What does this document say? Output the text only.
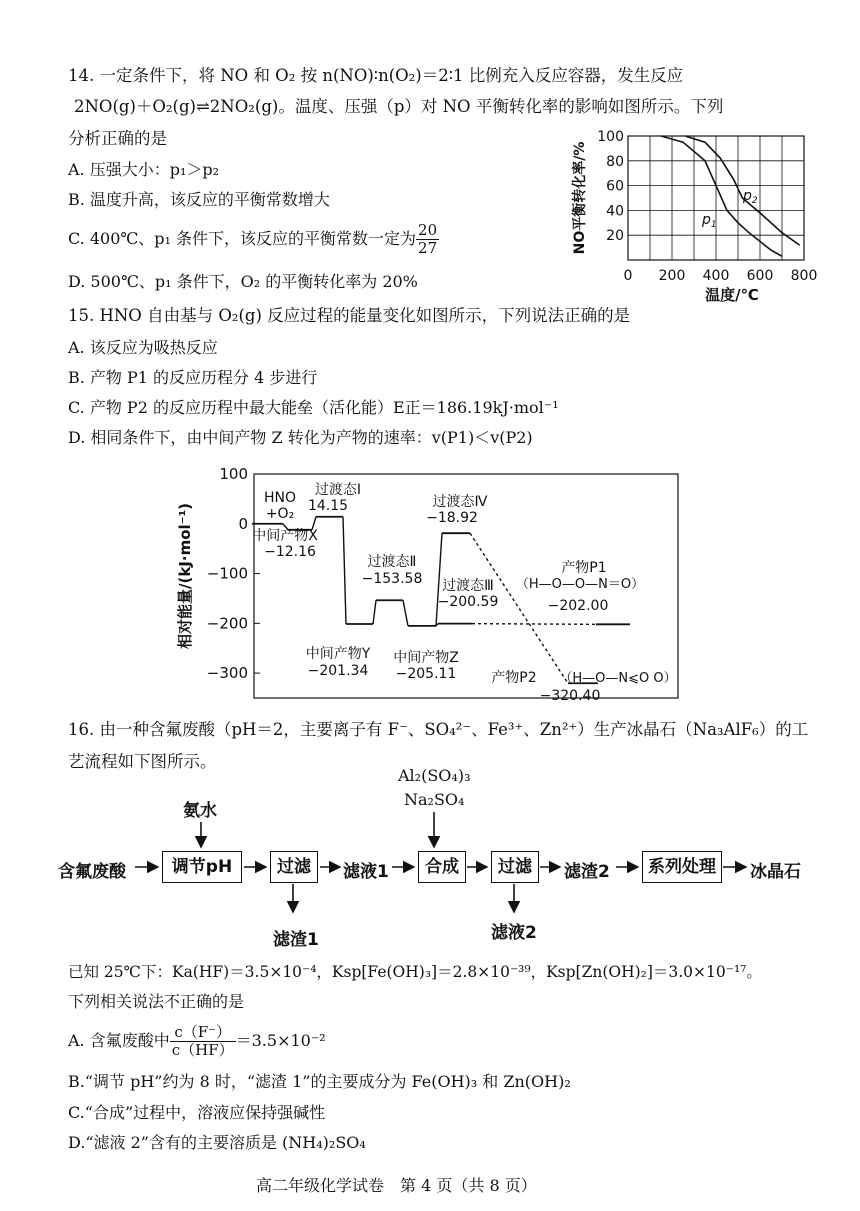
14. 一定条件下，将 NO 和 O₂ 按 n(NO)∶n(O₂)＝2∶1 比例充入反应容器，发生反应
2NO(g)＋O₂(g)⇌2NO₂(g)。温度、压强（p）对 NO 平衡转化率的影响如图所示。下列
分析正确的是
A. 压强大小：p₁＞p₂
B. 温度升高，该反应的平衡常数增大
C. 400℃、p₁ 条件下，该反应的平衡常数一定为 $\frac{20}{27}$
D. 500℃、p₁ 条件下，O₂ 的平衡转化率为 20%	0 200 400 600 800
20
40
60
80
100
$p_1$
$p_2$
NO平衡转化率/%
温度/℃
15. HNO 自由基与 O₂(g) 反应过程的能量变化如图所示，下列说法正确的是
A. 该反应为吸热反应
B. 产物 P1 的反应历程分 4 步进行
C. 产物 P2 的反应历程中最大能垒（活化能）E正＝186.19kJ·mol⁻¹
D. 相同条件下，由中间产物 Z 转化为产物的速率：v(P1)＜v(P2)
100
0
−100
−200
−300
HNO
+O₂
中间产物X
−12.16
过渡态Ⅰ
14.15
中间产物Y
−201.34
过渡态Ⅱ
−153.58
中间产物Z
−205.11
过渡态Ⅳ
−18.92
过渡态Ⅲ
−200.59
产物P1
（H—O—O—N＝O）
−202.00
产物P2 （H—O—N⩽O O）
−320.40
相对能量/(kJ·mol⁻¹)
16. 由一种含氟废酸（pH＝2，主要离子有 F⁻、SO₄²⁻、Fe³⁺、Zn²⁺）生产冰晶石（Na₃AlF₆）的工
艺流程如下图所示。
氨水
Al₂(SO₄)₃
Na₂SO₄
含氟废酸	调节pH	过滤	滤液1	合成	过滤	滤渣2	系列处理	冰晶石
滤渣1	滤液2
已知 25℃下：Ka(HF)＝3.5×10⁻⁴，Ksp[Fe(OH)₃]＝2.8×10⁻³⁹，Ksp[Zn(OH)₂]＝3.0×10⁻¹⁷。
下列相关说法不正确的是
A. 含氟废酸中 $\frac{c(F^-)}{c(HF)} =3.5\times 10^{-2}$
B.“调节 pH”约为 8 时，“滤渣 1”的主要成分为 Fe(OH)₃ 和 Zn(OH)₂
C.“合成”过程中，溶液应保持强碱性
D.“滤液 2”含有的主要溶质是 (NH₄)₂SO₄
高二年级化学试卷　第 4 页（共 8 页）
